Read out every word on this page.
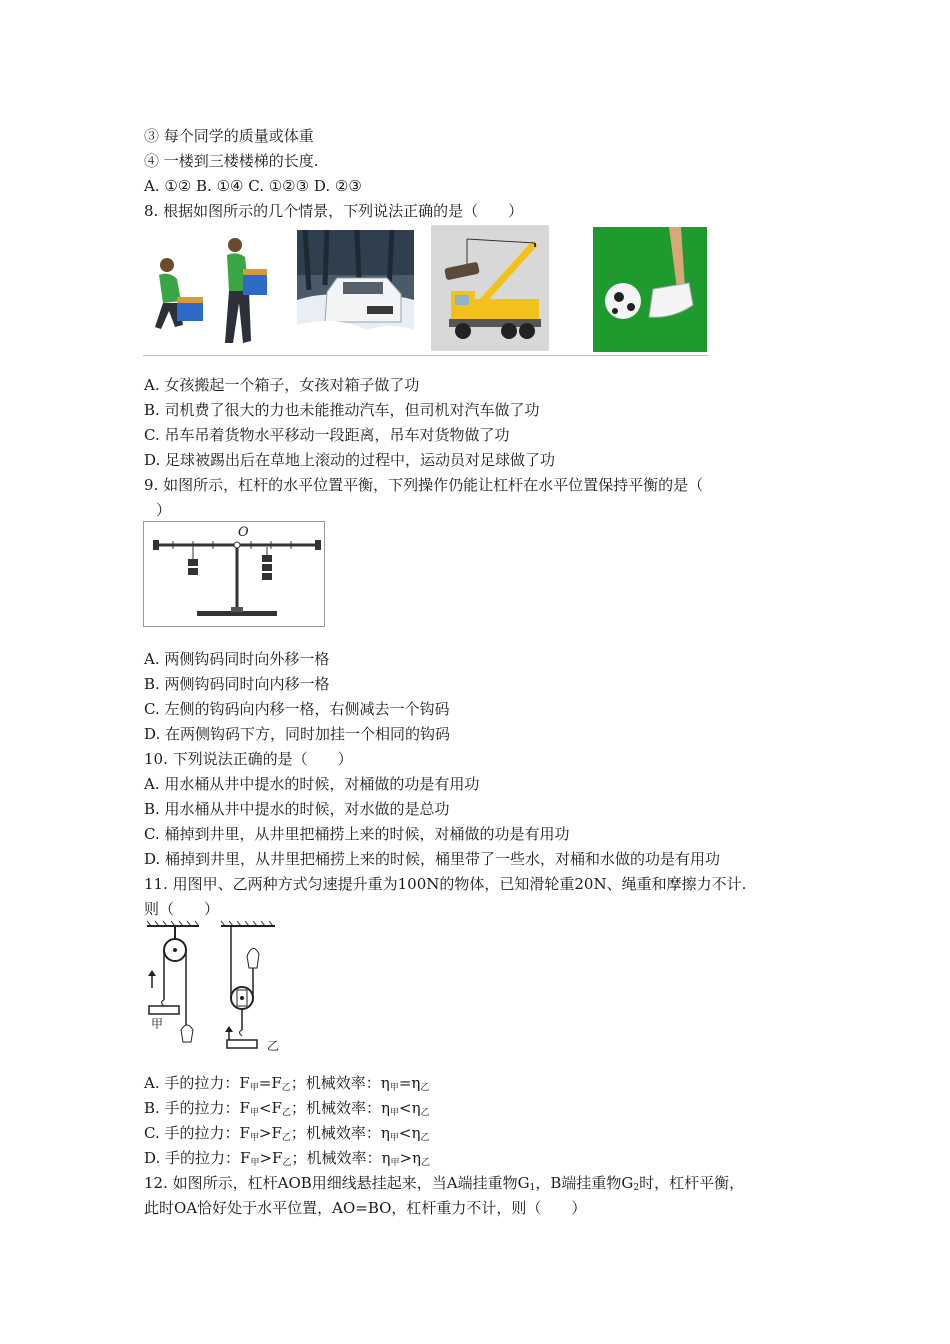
③ 每个同学的质量或体重
④ 一楼到三楼楼梯的长度.
A. ①② B. ①④ C. ①②③ D. ②③
8. 根据如图所示的几个情景，下列说法正确的是（　　）
A. 女孩搬起一个箱子，女孩对箱子做了功
B. 司机费了很大的力也未能推动汽车，但司机对汽车做了功
C. 吊车吊着货物水平移动一段距离，吊车对货物做了功
D. 足球被踢出后在草地上滚动的过程中，运动员对足球做了功
9. 如图所示，杠杆的水平位置平衡，下列操作仍能让杠杆在水平位置保持平衡的是（
）
O
A. 两侧钩码同时向外移一格
B. 两侧钩码同时向内移一格
C. 左侧的钩码向内移一格，右侧减去一个钩码
D. 在两侧钩码下方，同时加挂一个相同的钩码
10. 下列说法正确的是（　　）
A. 用水桶从井中提水的时候，对桶做的功是有用功
B. 用水桶从井中提水的时候，对水做的是总功
C. 桶掉到井里，从井里把桶捞上来的时候，对桶做的功是有用功
D. 桶掉到井里，从井里把桶捞上来的时候，桶里带了一些水，对桶和水做的功是有用功
11. 用图甲、乙两种方式匀速提升重为100N的物体，已知滑轮重20N、绳重和摩擦力不计.
则（　　）
甲
乙
A. 手的拉力：$F_甲=F_乙$；机械效率：$\eta_甲=\eta_乙$
B. 手的拉力：$F_甲<F_乙$；机械效率：$\eta_甲<\eta_乙$
C. 手的拉力：$F_甲>F_乙$；机械效率：$\eta_甲<\eta_乙$
D. 手的拉力：$F_甲>F_乙$；机械效率：$\eta_甲>\eta_乙$
12. 如图所示，杠杆AOB用细线悬挂起来，当A端挂重物$G_1$，B端挂重物$G_2$时，杠杆平衡，
此时OA恰好处于水平位置，AO=BO，杠杆重力不计，则（　　）
